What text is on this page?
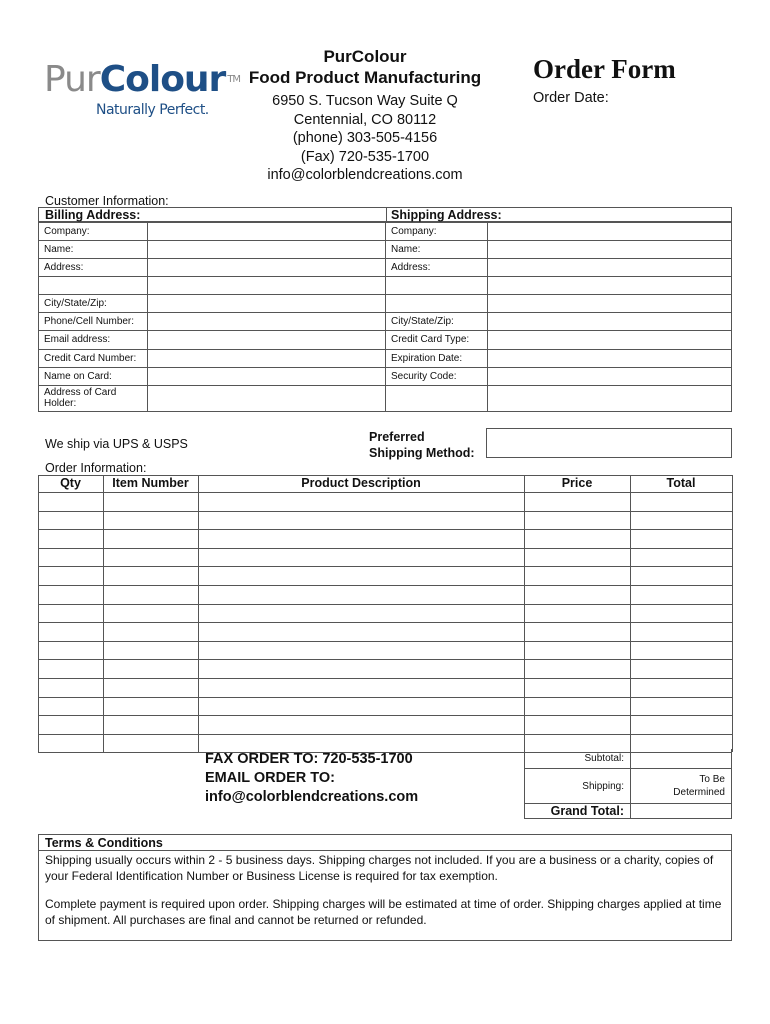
PurColour ™
Naturally Perfect.
PurColour
Food Product Manufacturing
6950 S. Tucson Way Suite Q
Centennial, CO 80112
(phone) 303-505-4156
(Fax) 720-535-1700
info@colorblendcreations.com
Order Form
Order Date:
Customer Information:
Billing Address:	Shipping Address:
Company:	Company:
Name:	Name:
Address:	Address:
City/State/Zip:
Phone/Cell Number:	City/State/Zip:
Email address:	Credit Card Type:
Credit Card Number:	Expiration Date:
Name on Card:	Security Code:
Address of Card Holder:
We ship via UPS & USPS	Preferred
Shipping Method:
Order Information:
Qty	Item Number	Product Description	Price	Total
FAX ORDER TO: 720-535-1700
EMAIL ORDER TO:
info@colorblendcreations.com
Subtotal:
Shipping:
To Be
Determined
Grand Total:
Terms & Conditions

Shipping usually occurs within 2 - 5 business days. Shipping charges not included. If you are a business or a charity, copies of your Federal Identification Number or Business License is required for tax exemption.

Complete payment is required upon order. Shipping charges will be estimated at time of order. Shipping charges applied at time of shipment. All purchases are final and cannot be returned or refunded.
